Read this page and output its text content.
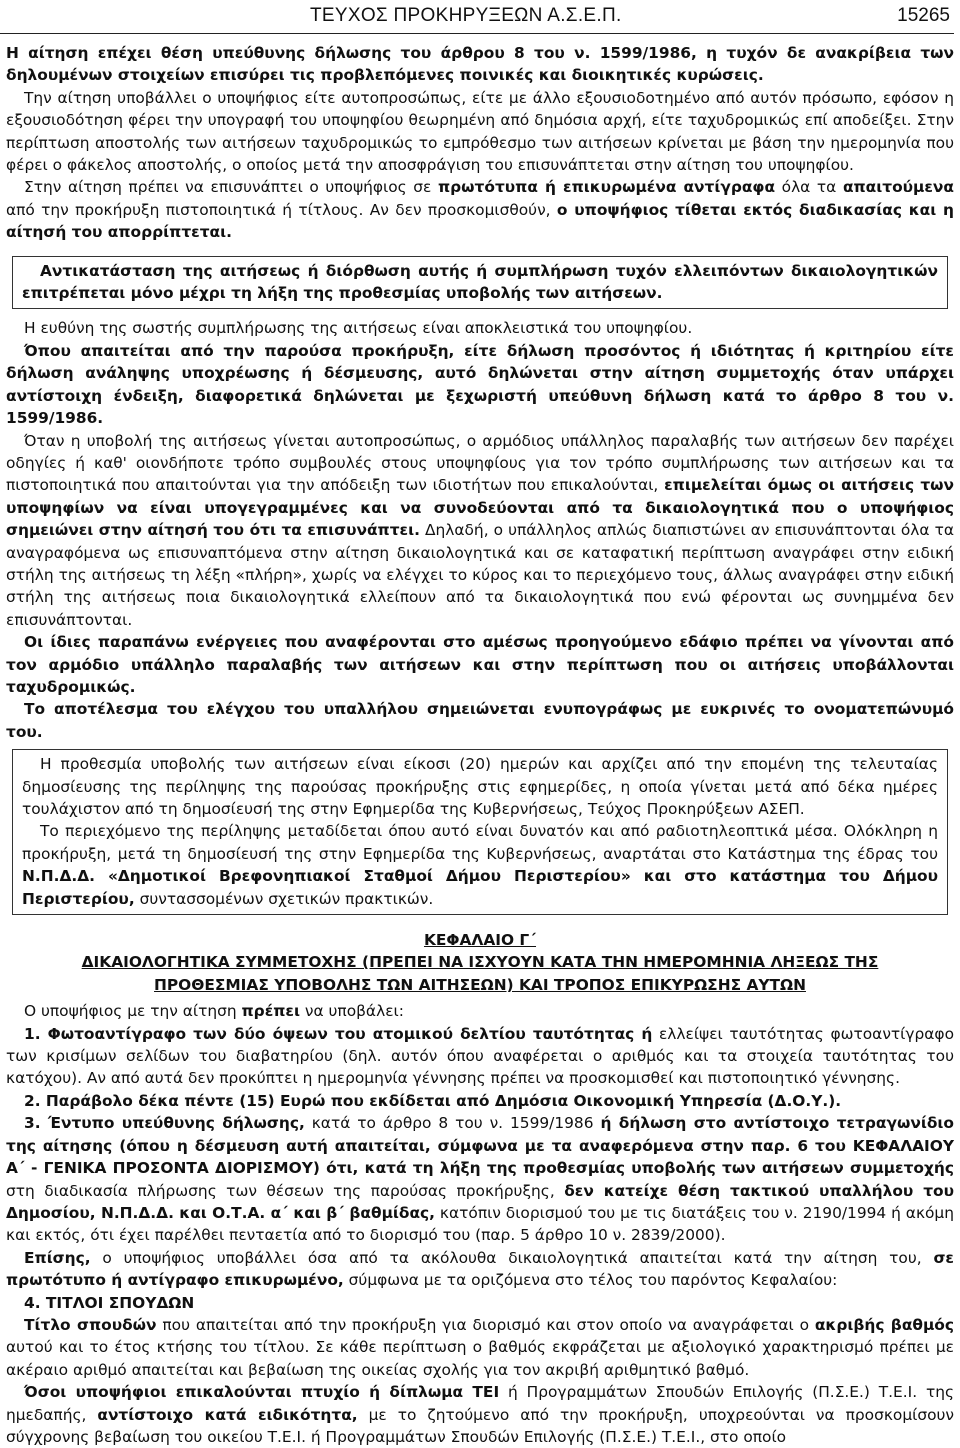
ΤΕΥΧΟΣ ΠΡΟΚΗΡΥΞΕΩΝ Α.Σ.Ε.Π.	15265

Η αίτηση επέχει θέση υπεύθυνης δήλωσης του άρθρου 8 του ν. 1599/1986, η τυχόν δε ανακρίβεια των δηλουμένων στοιχείων επισύρει τις προβλεπόμενες ποινικές και διοικητικές κυρώσεις.

Την αίτηση υποβάλλει ο υποψήφιος είτε αυτοπροσώπως, είτε με άλλο εξουσιοδοτημένο από αυτόν πρόσωπο, εφόσον η εξουσιοδότηση φέρει την υπογραφή του υποψηφίου θεωρημένη από δημόσια αρχή, είτε ταχυδρομικώς επί αποδείξει. Στην περίπτωση αποστολής των αιτήσεων ταχυδρομικώς το εμπρόθεσμο των αιτήσεων κρίνεται με βάση την ημερομηνία που φέρει ο φάκελος αποστολής, ο οποίος μετά την αποσφράγιση του επισυνάπτεται στην αίτηση του υποψηφίου.

Στην αίτηση πρέπει να επισυνάπτει ο υποψήφιος σε πρωτότυπα ή επικυρωμένα αντίγραφα όλα τα απαιτούμενα από την προκήρυξη πιστοποιητικά ή τίτλους. Αν δεν προσκομισθούν, ο υποψήφιος τίθεται εκτός διαδικασίας και η αίτησή του απορρίπτεται.

Αντικατάσταση της αιτήσεως ή διόρθωση αυτής ή συμπλήρωση τυχόν ελλειπόντων δικαιολογητικών επιτρέπεται μόνο μέχρι τη λήξη της προθεσμίας υποβολής των αιτήσεων.

Η ευθύνη της σωστής συμπλήρωσης της αιτήσεως είναι αποκλειστικά του υποψηφίου.

Όπου απαιτείται από την παρούσα προκήρυξη, είτε δήλωση προσόντος ή ιδιότητας ή κριτηρίου είτε δήλωση ανάληψης υποχρέωσης ή δέσμευσης, αυτό δηλώνεται στην αίτηση συμμετοχής όταν υπάρχει αντίστοιχη ένδειξη, διαφορετικά δηλώνεται με ξεχωριστή υπεύθυνη δήλωση κατά το άρθρο 8 του ν. 1599/1986.

Όταν η υποβολή της αιτήσεως γίνεται αυτοπροσώπως, ο αρμόδιος υπάλληλος παραλαβής των αιτήσεων δεν παρέχει οδηγίες ή καθ' οιονδήποτε τρόπο συμβουλές στους υποψηφίους για τον τρόπο συμπλήρωσης των αιτήσεων και τα πιστοποιητικά που απαιτούνται για την απόδειξη των ιδιοτήτων που επικαλούνται, επιμελείται όμως οι αιτήσεις των υποψηφίων να είναι υπογεγραμμένες και να συνοδεύονται από τα δικαιολογητικά που ο υποψήφιος σημειώνει στην αίτησή του ότι τα επισυνάπτει. Δηλαδή, ο υπάλληλος απλώς διαπιστώνει αν επισυνάπτονται όλα τα αναγραφόμενα ως επισυναπτόμενα στην αίτηση δικαιολογητικά και σε καταφατική περίπτωση αναγράφει στην ειδική στήλη της αιτήσεως τη λέξη «πλήρη», χωρίς να ελέγχει το κύρος και το περιεχόμενο τους, άλλως αναγράφει στην ειδική στήλη της αιτήσεως ποια δικαιολογητικά ελλείπουν από τα δικαιολογητικά που ενώ φέρονται ως συνημμένα δεν επισυνάπτονται.

Οι ίδιες παραπάνω ενέργειες που αναφέρονται στο αμέσως προηγούμενο εδάφιο πρέπει να γίνονται από τον αρμόδιο υπάλληλο παραλαβής των αιτήσεων και στην περίπτωση που οι αιτήσεις υποβάλλονται ταχυδρομικώς.

Το αποτέλεσμα του ελέγχου του υπαλλήλου σημειώνεται ενυπογράφως με ευκρινές το ονοματεπώνυμό του.

Η προθεσμία υποβολής των αιτήσεων είναι είκοσι (20) ημερών και αρχίζει από την επομένη της τελευταίας δημοσίευσης της περίληψης της παρούσας προκήρυξης στις εφημερίδες, η οποία γίνεται μετά από δέκα ημέρες τουλάχιστον από τη δημοσίευσή της στην Εφημερίδα της Κυβερνήσεως, Τεύχος Προκηρύξεων ΑΣΕΠ.

Το περιεχόμενο της περίληψης μεταδίδεται όπου αυτό είναι δυνατόν και από ραδιοτηλεοπτικά μέσα. Ολόκληρη η προκήρυξη, μετά τη δημοσίευσή της στην Εφημερίδα της Κυβερνήσεως, αναρτάται στο Κατάστημα της έδρας του Ν.Π.Δ.Δ. «Δημοτικοί Βρεφονηπιακοί Σταθμοί Δήμου Περιστερίου» και στο κατάστημα του Δήμου Περιστερίου, συντασσομένων σχετικών πρακτικών.

ΚΕΦΑΛΑΙΟ Γ΄
ΔΙΚΑΙΟΛΟΓΗΤΙΚΑ ΣΥΜΜΕΤΟΧΗΣ (ΠΡΕΠΕΙ ΝΑ ΙΣΧΥΟΥΝ ΚΑΤΑ ΤΗΝ ΗΜΕΡΟΜΗΝΙΑ ΛΗΞΕΩΣ ΤΗΣ
ΠΡΟΘΕΣΜΙΑΣ ΥΠΟΒΟΛΗΣ ΤΩΝ ΑΙΤΗΣΕΩΝ) ΚΑΙ ΤΡΟΠΟΣ ΕΠΙΚΥΡΩΣΗΣ ΑΥΤΩΝ

Ο υποψήφιος με την αίτηση πρέπει να υποβάλει:

1. Φωτοαντίγραφο των δύο όψεων του ατομικού δελτίου ταυτότητας ή ελλείψει ταυτότητας φωτοαντίγραφο των κρισίμων σελίδων του διαβατηρίου (δηλ. αυτόν όπου αναφέρεται ο αριθμός και τα στοιχεία ταυτότητας του κατόχου). Αν από αυτά δεν προκύπτει η ημερομηνία γέννησης πρέπει να προσκομισθεί και πιστοποιητικό γέννησης.

2. Παράβολο δέκα πέντε (15) Ευρώ που εκδίδεται από Δημόσια Οικονομική Υπηρεσία (Δ.Ο.Υ.).

3. Έντυπο υπεύθυνης δήλωσης, κατά το άρθρο 8 του ν. 1599/1986 ή δήλωση στο αντίστοιχο τετραγωνίδιο της αίτησης (όπου η δέσμευση αυτή απαιτείται, σύμφωνα με τα αναφερόμενα στην παρ. 6 του ΚΕΦΑΛΑΙΟΥ Α΄ - ΓΕΝΙΚΑ ΠΡΟΣΟΝΤΑ ΔΙΟΡΙΣΜΟΥ) ότι, κατά τη λήξη της προθεσμίας υποβολής των αιτήσεων συμμετοχής στη διαδικασία πλήρωσης των θέσεων της παρούσας προκήρυξης, δεν κατείχε θέση τακτικού υπαλλήλου του Δημοσίου, Ν.Π.Δ.Δ. και Ο.Τ.Α. α΄ και β΄ βαθμίδας, κατόπιν διορισμού του με τις διατάξεις του ν. 2190/1994 ή ακόμη και εκτός, ότι έχει παρέλθει πενταετία από το διορισμό του (παρ. 5 άρθρο 10 ν. 2839/2000).

Επίσης, ο υποψήφιος υποβάλλει όσα από τα ακόλουθα δικαιολογητικά απαιτείται κατά την αίτηση του, σε πρωτότυπο ή αντίγραφο επικυρωμένο, σύμφωνα με τα οριζόμενα στο τέλος του παρόντος Κεφαλαίου:

4. ΤΙΤΛΟΙ ΣΠΟΥΔΩΝ

Τίτλο σπουδών που απαιτείται από την προκήρυξη για διορισμό και στον οποίο να αναγράφεται ο ακριβής βαθμός αυτού και το έτος κτήσης του τίτλου. Σε κάθε περίπτωση ο βαθμός εκφράζεται με αξιολογικό χαρακτηρισμό πρέπει με ακέραιο αριθμό απαιτείται και βεβαίωση της οικείας σχολής για τον ακριβή αριθμητικό βαθμό.

Όσοι υποψήφιοι επικαλούνται πτυχίο ή δίπλωμα ΤΕΙ ή Προγραμμάτων Σπουδών Επιλογής (Π.Σ.Ε.) Τ.Ε.Ι. της ημεδαπής, αντίστοιχο κατά ειδικότητα, με το ζητούμενο από την προκήρυξη, υποχρεούνται να προσκομίσουν σύγχρονης βεβαίωση του οικείου Τ.Ε.Ι. ή Προγραμμάτων Σπουδών Επιλογής (Π.Σ.Ε.) Τ.Ε.Ι., στο οποίο
